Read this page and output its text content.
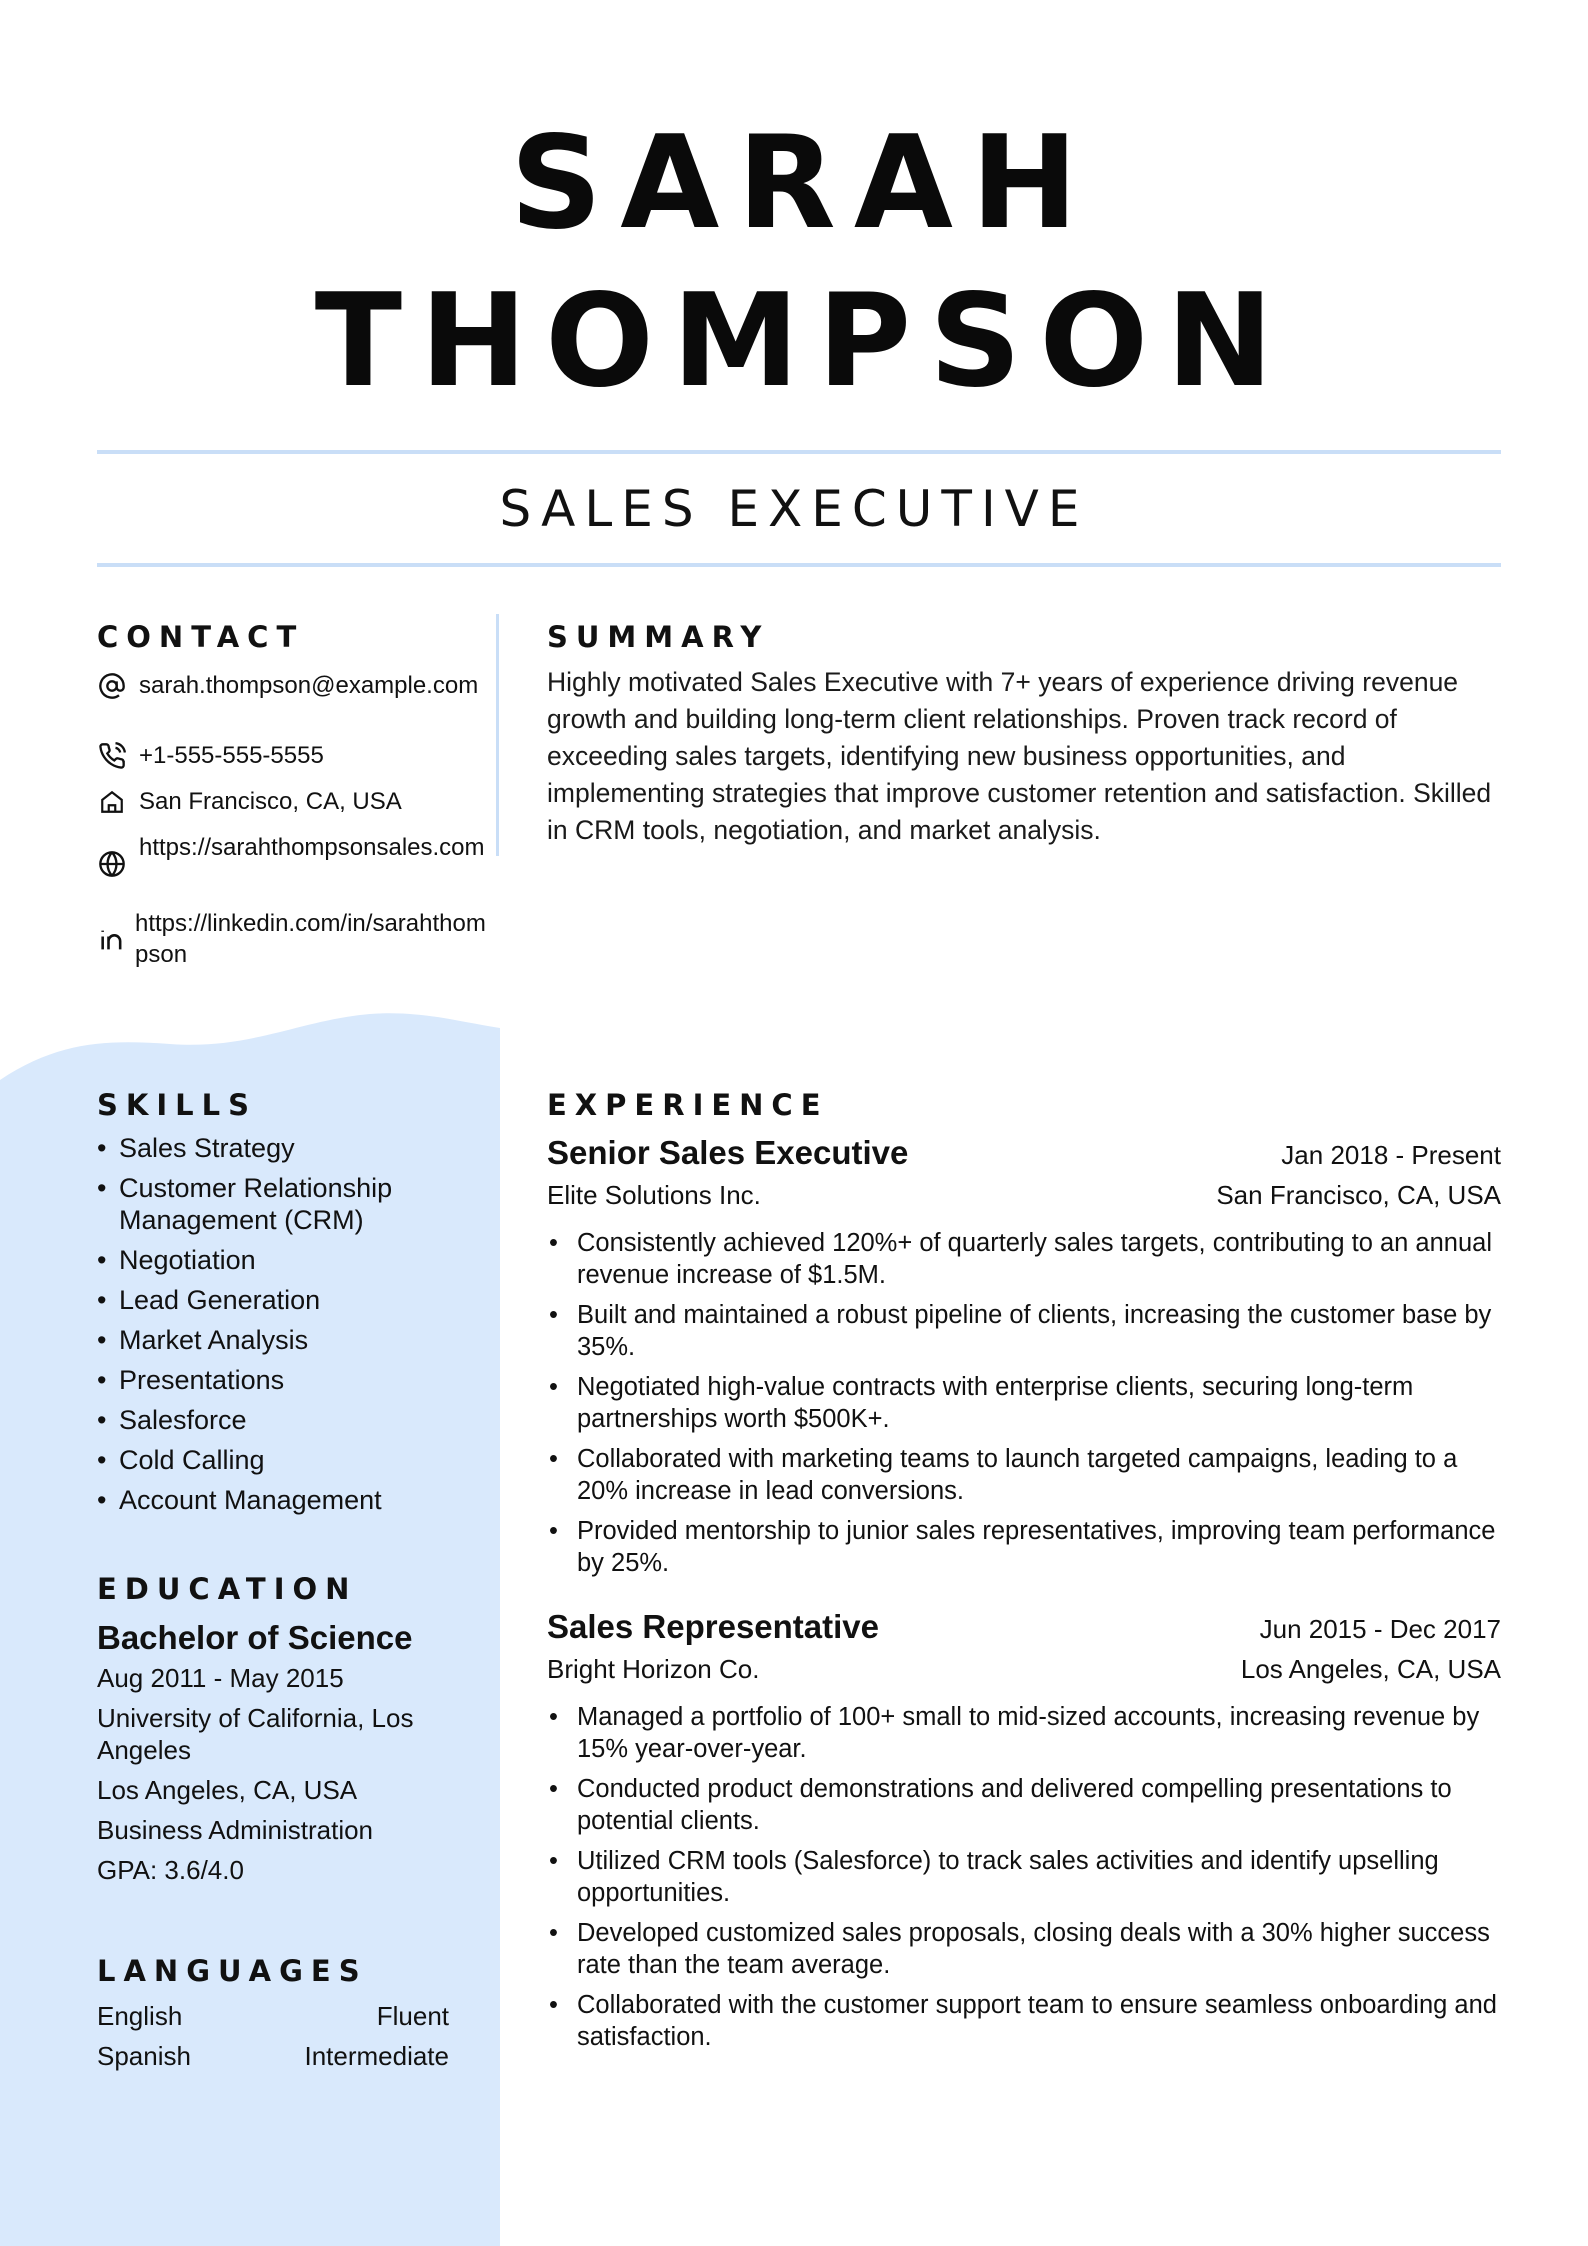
SARAH
THOMPSON
SALES EXECUTIVE
CONTACT
sarah.thompson@example.com
+1-555-555-5555
San Francisco, CA, USA
https://sarahthompsonsales.com
https://linkedin.com/in/sarahthompson
SUMMARY
Highly motivated Sales Executive with 7+ years of experience driving revenue growth and building long-term client relationships. Proven track record of exceeding sales targets, identifying new business opportunities, and implementing strategies that improve customer retention and satisfaction. Skilled in CRM tools, negotiation, and market analysis.
SKILLS
• Sales Strategy
• Customer Relationship Management (CRM)
• Negotiation
• Lead Generation
• Market Analysis
• Presentations
• Salesforce
• Cold Calling
• Account Management
EDUCATION
Bachelor of Science
Aug 2011 - May 2015
University of California, Los Angeles
Los Angeles, CA, USA
Business Administration
GPA: 3.6/4.0
LANGUAGES
English	Fluent
Spanish	Intermediate
EXPERIENCE
Senior Sales Executive	Jan 2018 - Present
Elite Solutions Inc.	San Francisco, CA, USA
• Consistently achieved 120%+ of quarterly sales targets, contributing to an annual revenue increase of $1.5M.
• Built and maintained a robust pipeline of clients, increasing the customer base by 35%.
• Negotiated high-value contracts with enterprise clients, securing long-term partnerships worth $500K+.
• Collaborated with marketing teams to launch targeted campaigns, leading to a 20% increase in lead conversions.
• Provided mentorship to junior sales representatives, improving team performance by 25%.
Sales Representative	Jun 2015 - Dec 2017
Bright Horizon Co.	Los Angeles, CA, USA
• Managed a portfolio of 100+ small to mid-sized accounts, increasing revenue by 15% year-over-year.
• Conducted product demonstrations and delivered compelling presentations to potential clients.
• Utilized CRM tools (Salesforce) to track sales activities and identify upselling opportunities.
• Developed customized sales proposals, closing deals with a 30% higher success rate than the team average.
• Collaborated with the customer support team to ensure seamless onboarding and satisfaction.
